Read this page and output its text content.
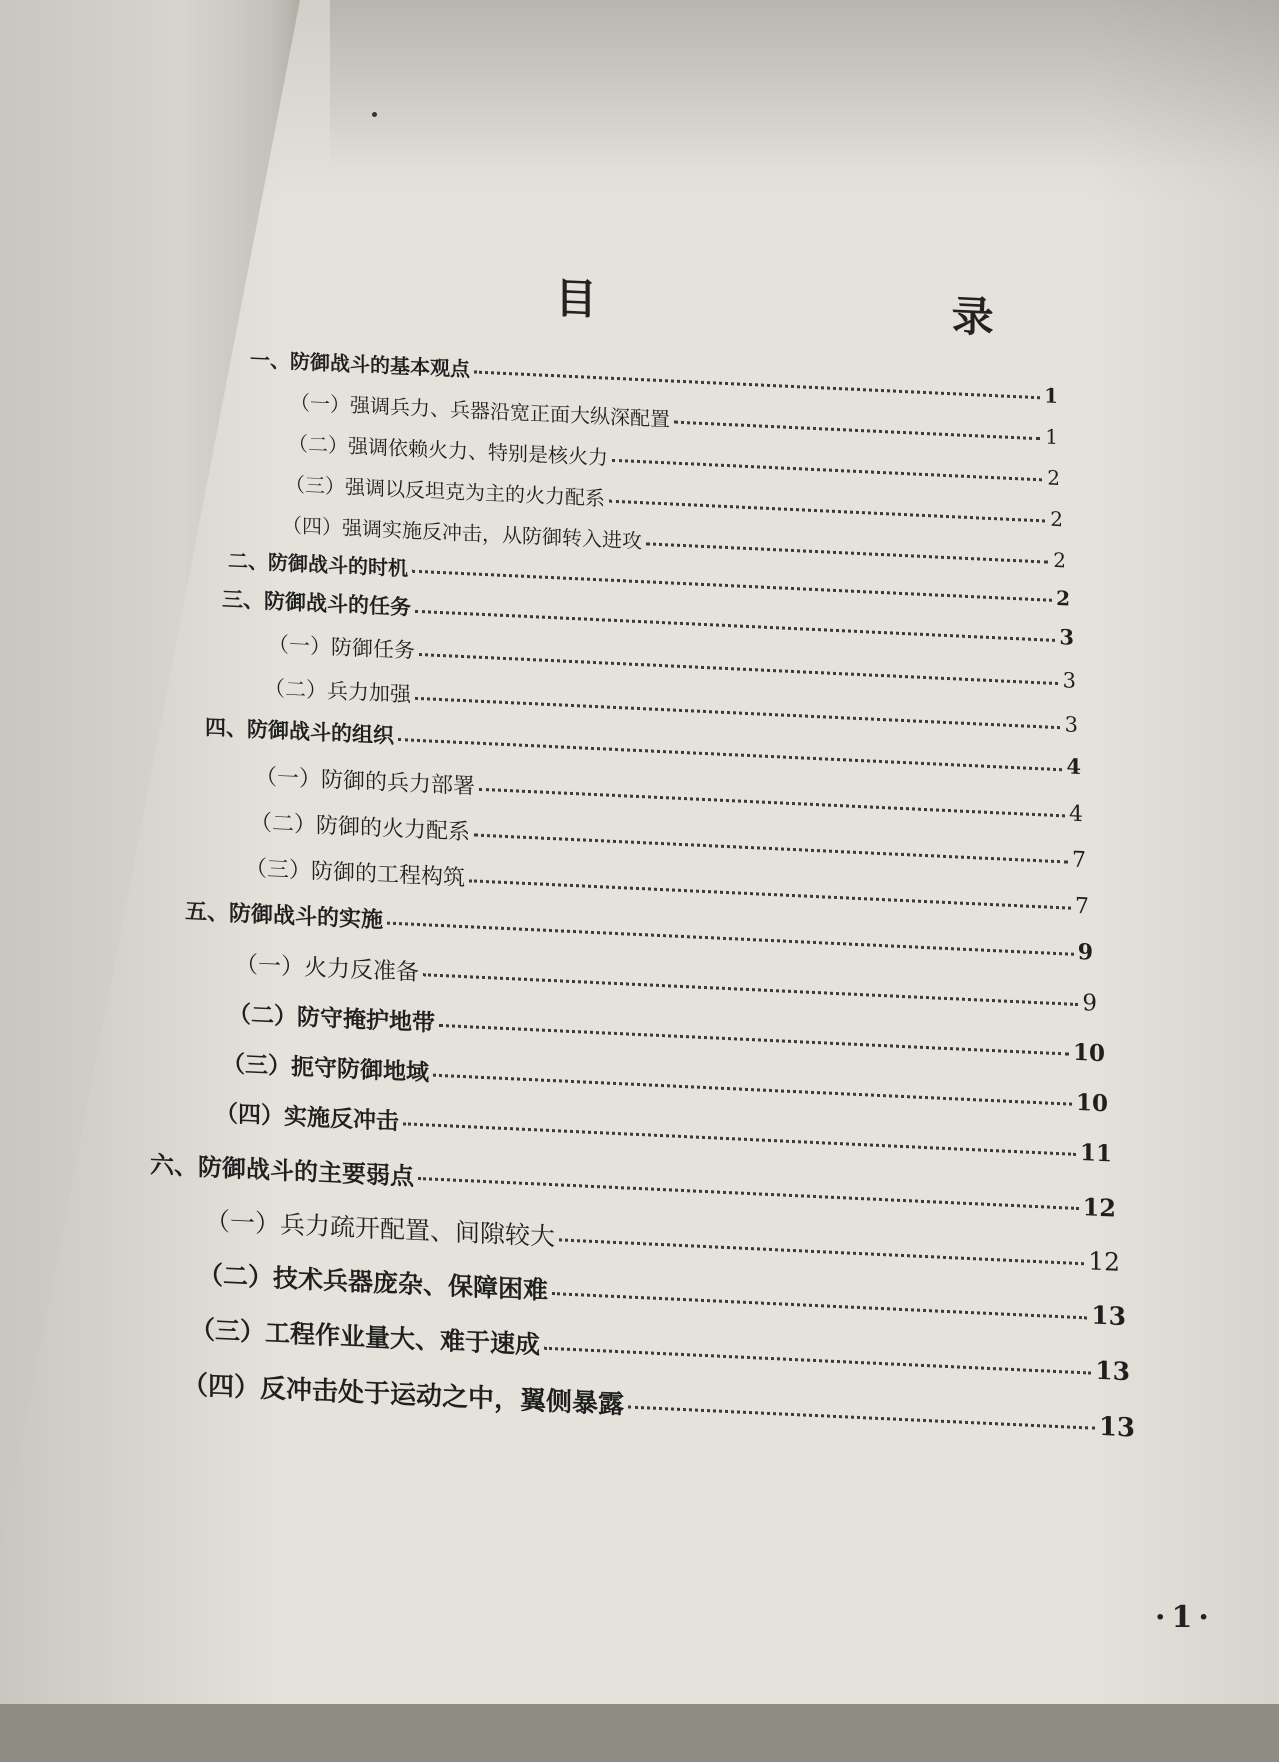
目 录
一、防御战斗的基本观点
1
（一）强调兵力、兵器沿宽正面大纵深配置
1
（二）强调依赖火力、特别是核火力
2
（三）强调以反坦克为主的火力配系
2
（四）强调实施反冲击，从防御转入进攻
2
二、防御战斗的时机
2
三、防御战斗的任务
3
（一）防御任务
3
（二）兵力加强
3
四、防御战斗的组织
4
（一）防御的兵力部署
4
（二）防御的火力配系
7
（三）防御的工程构筑
7
五、防御战斗的实施
9
（一）火力反准备
9
（二）防守掩护地带
10
（三）扼守防御地域
10
（四）实施反冲击
11
六、防御战斗的主要弱点
12
（一）兵力疏开配置、间隙较大
12
（二）技术兵器庞杂、保障困难
13
（三）工程作业量大、难于速成
13
（四）反冲击处于运动之中，翼侧暴露
13
·1·
